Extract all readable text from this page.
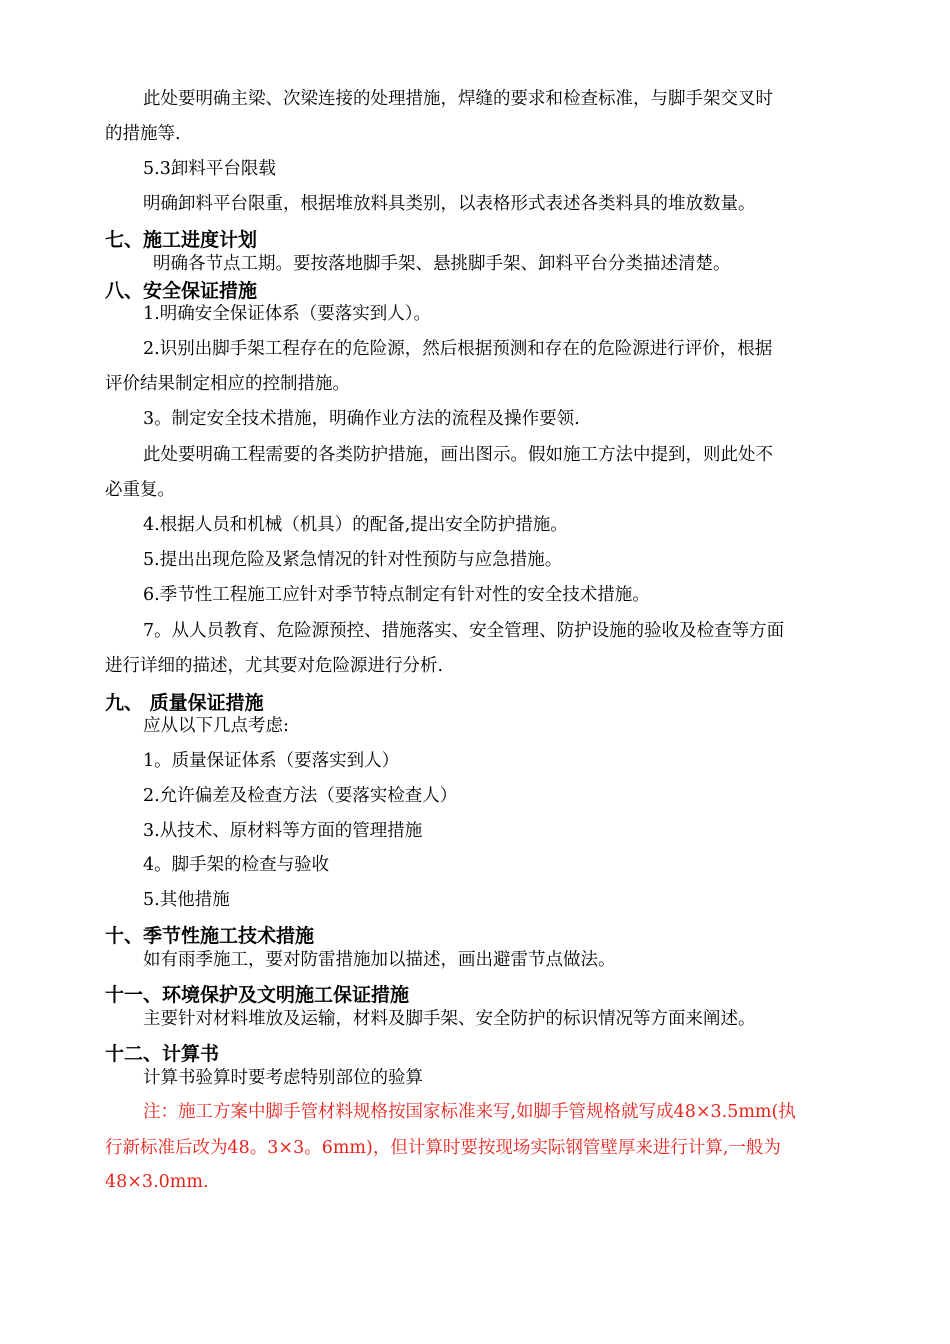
此处要明确主梁、次梁连接的处理措施，焊缝的要求和检查标准，与脚手架交叉时
的措施等.
5.3卸料平台限载
明确卸料平台限重，根据堆放料具类别，以表格形式表述各类料具的堆放数量。
七、施工进度计划
明确各节点工期。要按落地脚手架、悬挑脚手架、卸料平台分类描述清楚。
八、安全保证措施
1.明确安全保证体系（要落实到人）。
2.识别出脚手架工程存在的危险源，然后根据预测和存在的危险源进行评价，根据
评价结果制定相应的控制措施。
3。制定安全技术措施，明确作业方法的流程及操作要领.
此处要明确工程需要的各类防护措施，画出图示。假如施工方法中提到，则此处不
必重复。
4.根据人员和机械（机具）的配备,提出安全防护措施。
5.提出出现危险及紧急情况的针对性预防与应急措施。
6.季节性工程施工应针对季节特点制定有针对性的安全技术措施。
7。从人员教育、危险源预控、措施落实、安全管理、防护设施的验收及检查等方面
进行详细的描述，尤其要对危险源进行分析.
九、 质量保证措施
应从以下几点考虑:
1。质量保证体系（要落实到人）
2.允许偏差及检查方法（要落实检查人）
3.从技术、原材料等方面的管理措施
4。脚手架的检查与验收
5.其他措施
十、季节性施工技术措施
如有雨季施工，要对防雷措施加以描述，画出避雷节点做法。
十一、环境保护及文明施工保证措施
主要针对材料堆放及运输，材料及脚手架、安全防护的标识情况等方面来阐述。
十二、计算书
计算书验算时要考虑特别部位的验算
注：施工方案中脚手管材料规格按国家标准来写,如脚手管规格就写成48×3.5mm(执
行新标准后改为48。3×3。6mm)，但计算时要按现场实际钢管壁厚来进行计算,一般为
48×3.0mm.
